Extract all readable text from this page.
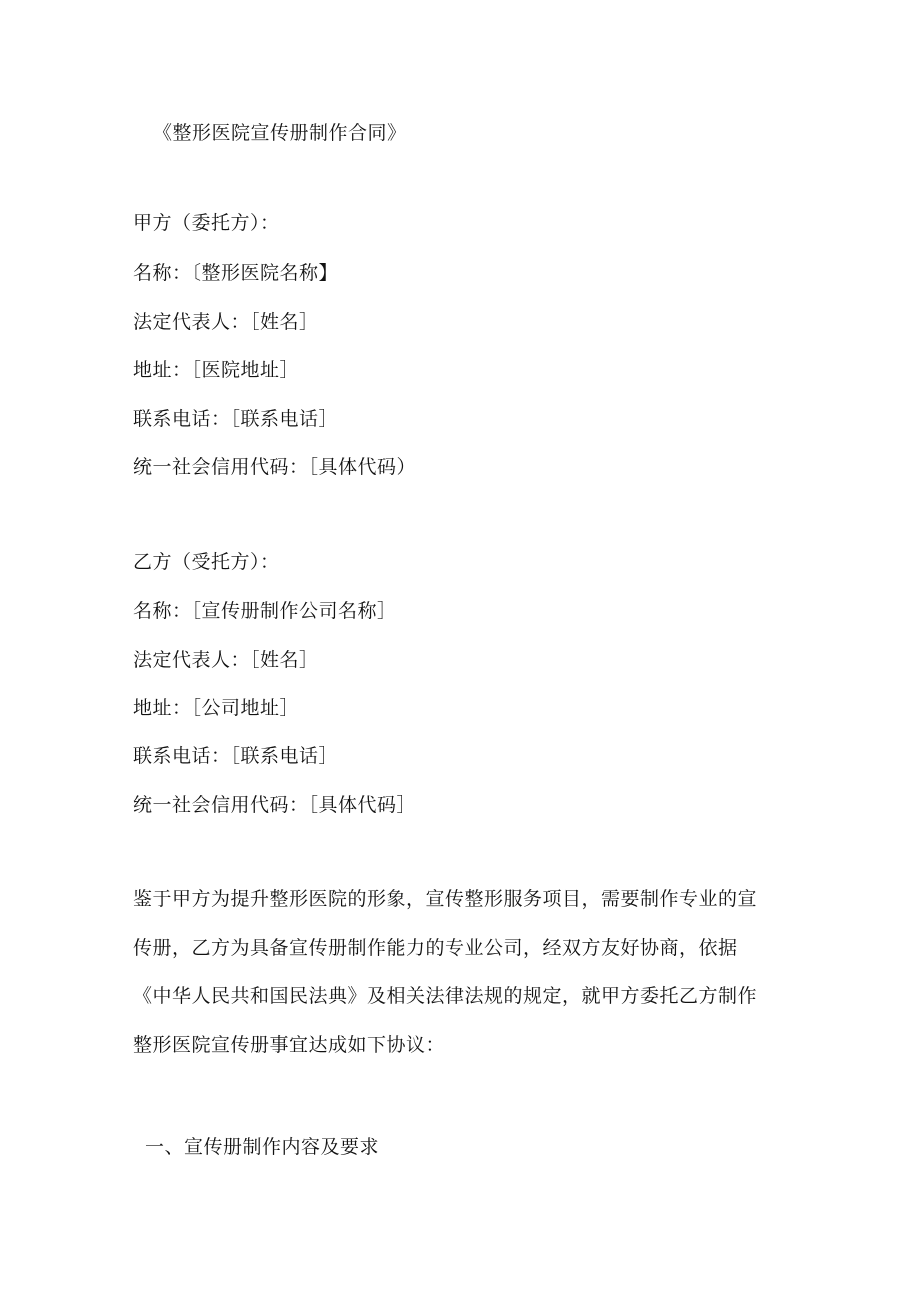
《整形医院宣传册制作合同》
甲方（委托方）：
名称：〔整形医院名称】
法定代表人：［姓名］
地址：［医院地址］
联系电话：［联系电话］
统一社会信用代码：［具体代码）
乙方（受托方）：
名称：［宣传册制作公司名称］
法定代表人：［姓名］
地址：［公司地址］
联系电话：［联系电话］
统一社会信用代码：［具体代码］
鉴于甲方为提升整形医院的形象，宣传整形服务项目，需要制作专业的宣
传册，乙方为具备宣传册制作能力的专业公司，经双方友好协商，依据
《中华人民共和国民法典》及相关法律法规的规定，就甲方委托乙方制作
整形医院宣传册事宜达成如下协议：
一、宣传册制作内容及要求
